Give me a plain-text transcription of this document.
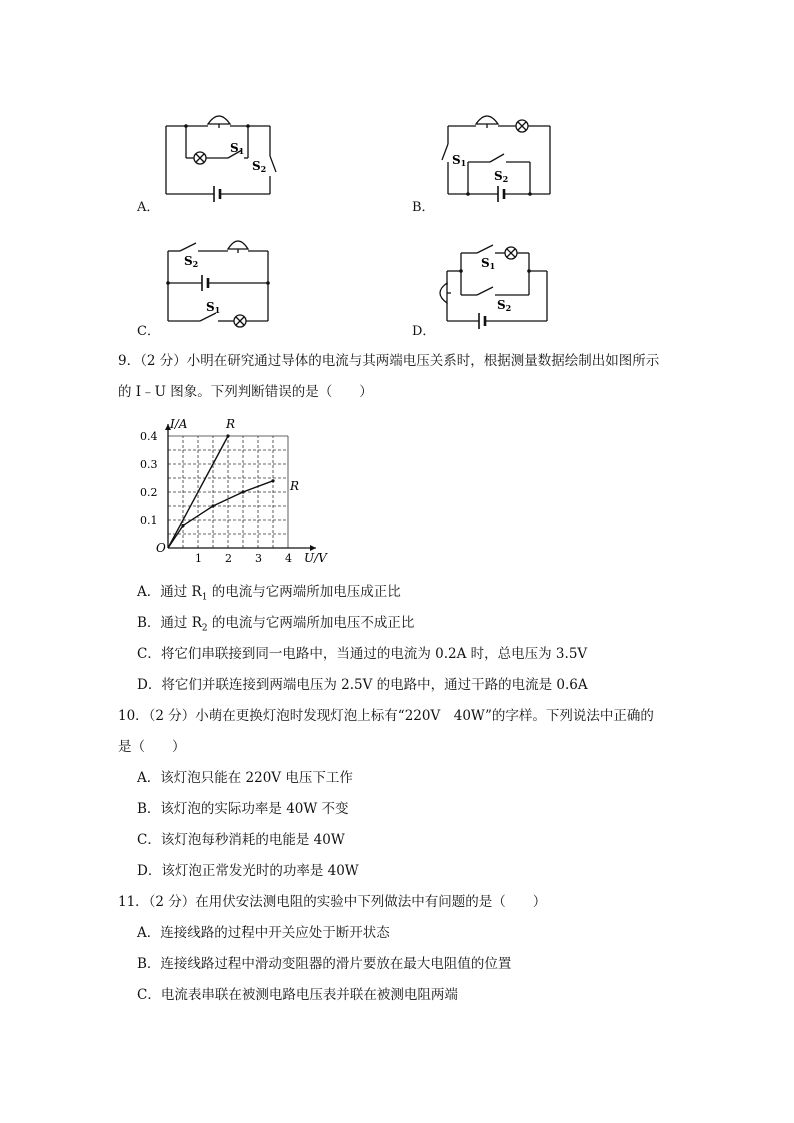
S1
S2
A．
S1
S2
B．
S2
S1
C．
S1
S2
D．
9．（2 分）小明在研究通过导体的电流与其两端电压关系时，根据测量数据绘制出如图所示
的 I﹣U 图象。下列判断错误的是（　　）
0.4
0.3
0.2
0.1
1 2 3 4
I/A
U/V
O
R
R
A．通过 $R_1$ 的电流与它两端所加电压成正比
B．通过 $R_2$ 的电流与它两端所加电压不成正比
C．将它们串联接到同一电路中，当通过的电流为 0.2A 时，总电压为 3.5V
D．将它们并联连接到两端电压为 2.5V 的电路中，通过干路的电流是 0.6A
10．（2 分）小萌在更换灯泡时发现灯泡上标有“220V　40W”的字样。下列说法中正确的
是（　　）
A．该灯泡只能在 220V 电压下工作
B．该灯泡的实际功率是 40W 不变
C．该灯泡每秒消耗的电能是 40W
D．该灯泡正常发光时的功率是 40W
11．（2 分）在用伏安法测电阻的实验中下列做法中有问题的是（　　）
A．连接线路的过程中开关应处于断开状态
B．连接线路过程中滑动变阻器的滑片要放在最大电阻值的位置
C．电流表串联在被测电路电压表并联在被测电阻两端
